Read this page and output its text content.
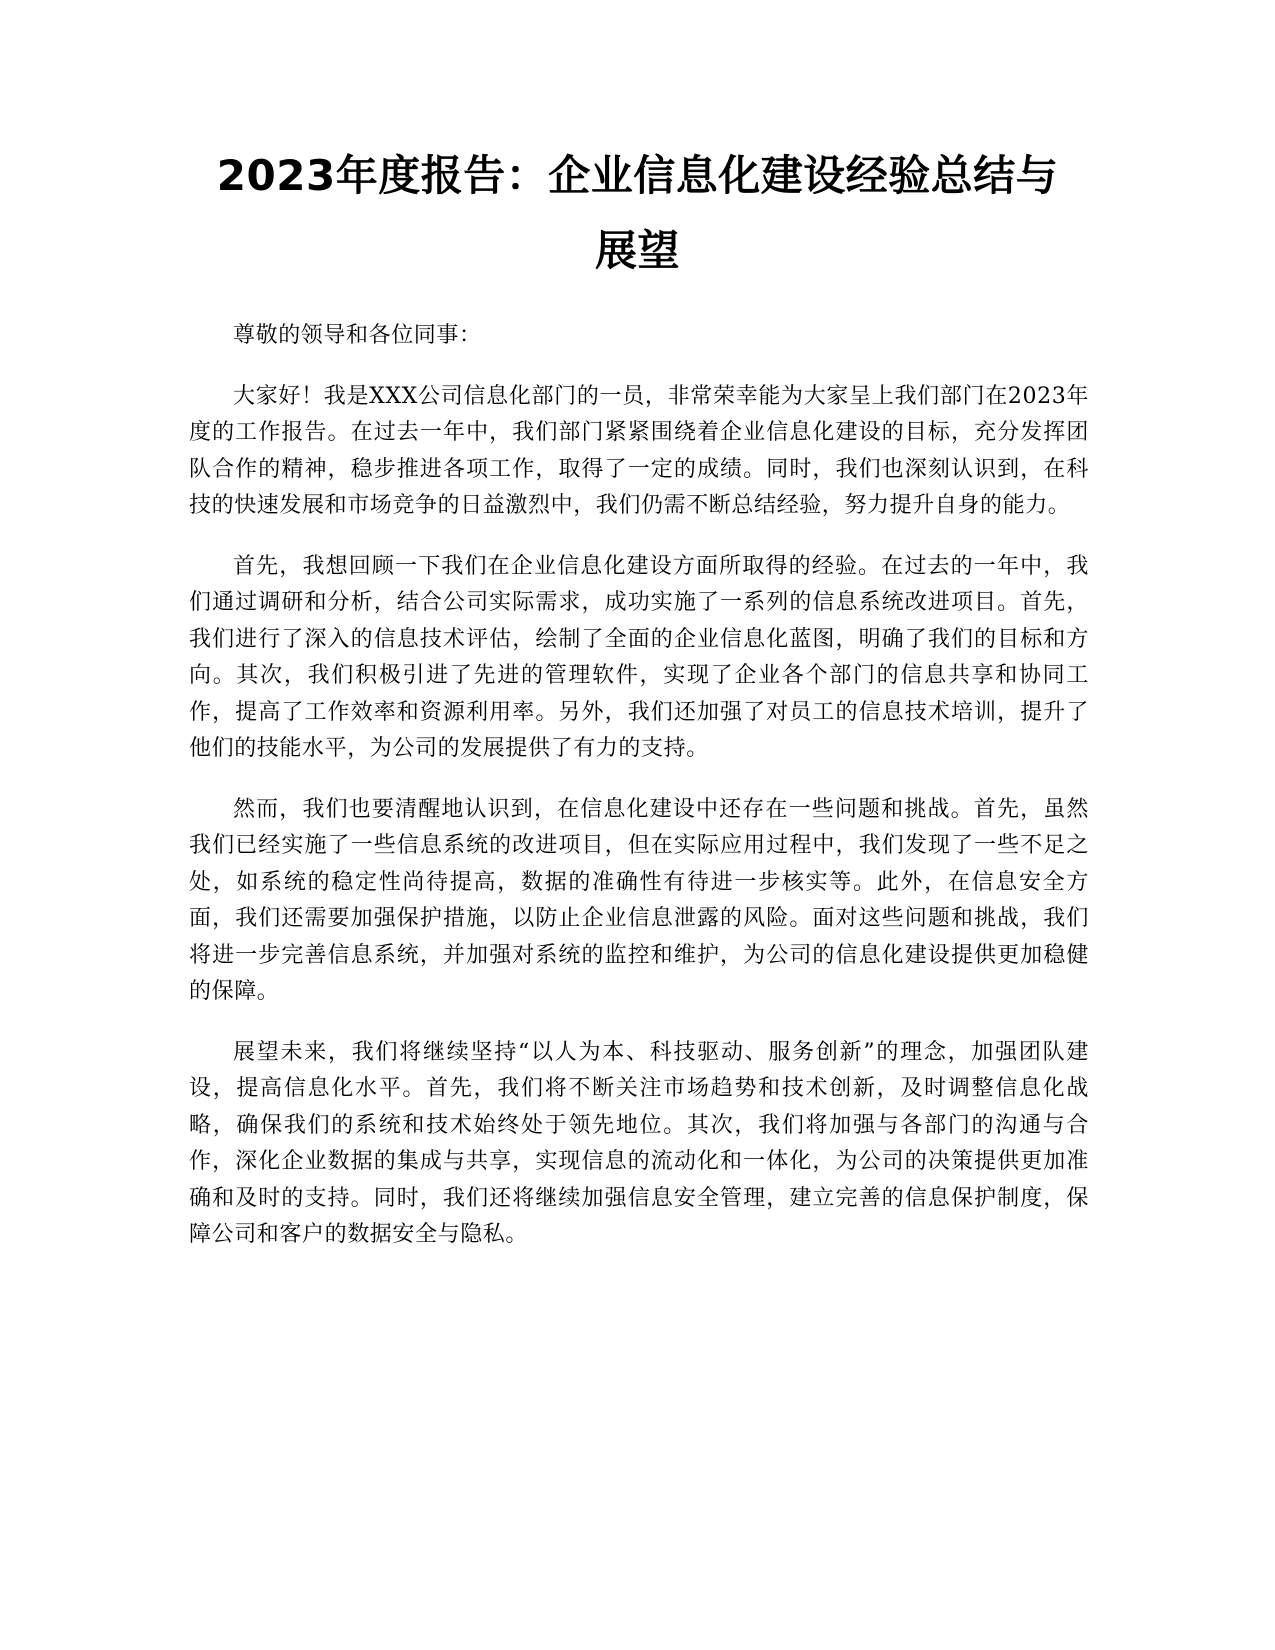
2023年度报告：企业信息化建设经验总结与
展望

尊敬的领导和各位同事：

大家好！我是XXX公司信息化部门的一员，非常荣幸能为大家呈上我们部门在2023年度的工作报告。在过去一年中，我们部门紧紧围绕着企业信息化建设的目标，充分发挥团队合作的精神，稳步推进各项工作，取得了一定的成绩。同时，我们也深刻认识到，在科技的快速发展和市场竞争的日益激烈中，我们仍需不断总结经验，努力提升自身的能力。

首先，我想回顾一下我们在企业信息化建设方面所取得的经验。在过去的一年中，我们通过调研和分析，结合公司实际需求，成功实施了一系列的信息系统改进项目。首先，我们进行了深入的信息技术评估，绘制了全面的企业信息化蓝图，明确了我们的目标和方向。其次，我们积极引进了先进的管理软件，实现了企业各个部门的信息共享和协同工作，提高了工作效率和资源利用率。另外，我们还加强了对员工的信息技术培训，提升了他们的技能水平，为公司的发展提供了有力的支持。

然而，我们也要清醒地认识到，在信息化建设中还存在一些问题和挑战。首先，虽然我们已经实施了一些信息系统的改进项目，但在实际应用过程中，我们发现了一些不足之处，如系统的稳定性尚待提高，数据的准确性有待进一步核实等。此外，在信息安全方面，我们还需要加强保护措施，以防止企业信息泄露的风险。面对这些问题和挑战，我们将进一步完善信息系统，并加强对系统的监控和维护，为公司的信息化建设提供更加稳健的保障。

展望未来，我们将继续坚持“以人为本、科技驱动、服务创新”的理念，加强团队建设，提高信息化水平。首先，我们将不断关注市场趋势和技术创新，及时调整信息化战略，确保我们的系统和技术始终处于领先地位。其次，我们将加强与各部门的沟通与合作，深化企业数据的集成与共享，实现信息的流动化和一体化，为公司的决策提供更加准确和及时的支持。同时，我们还将继续加强信息安全管理，建立完善的信息保护制度，保障公司和客户的数据安全与隐私。
